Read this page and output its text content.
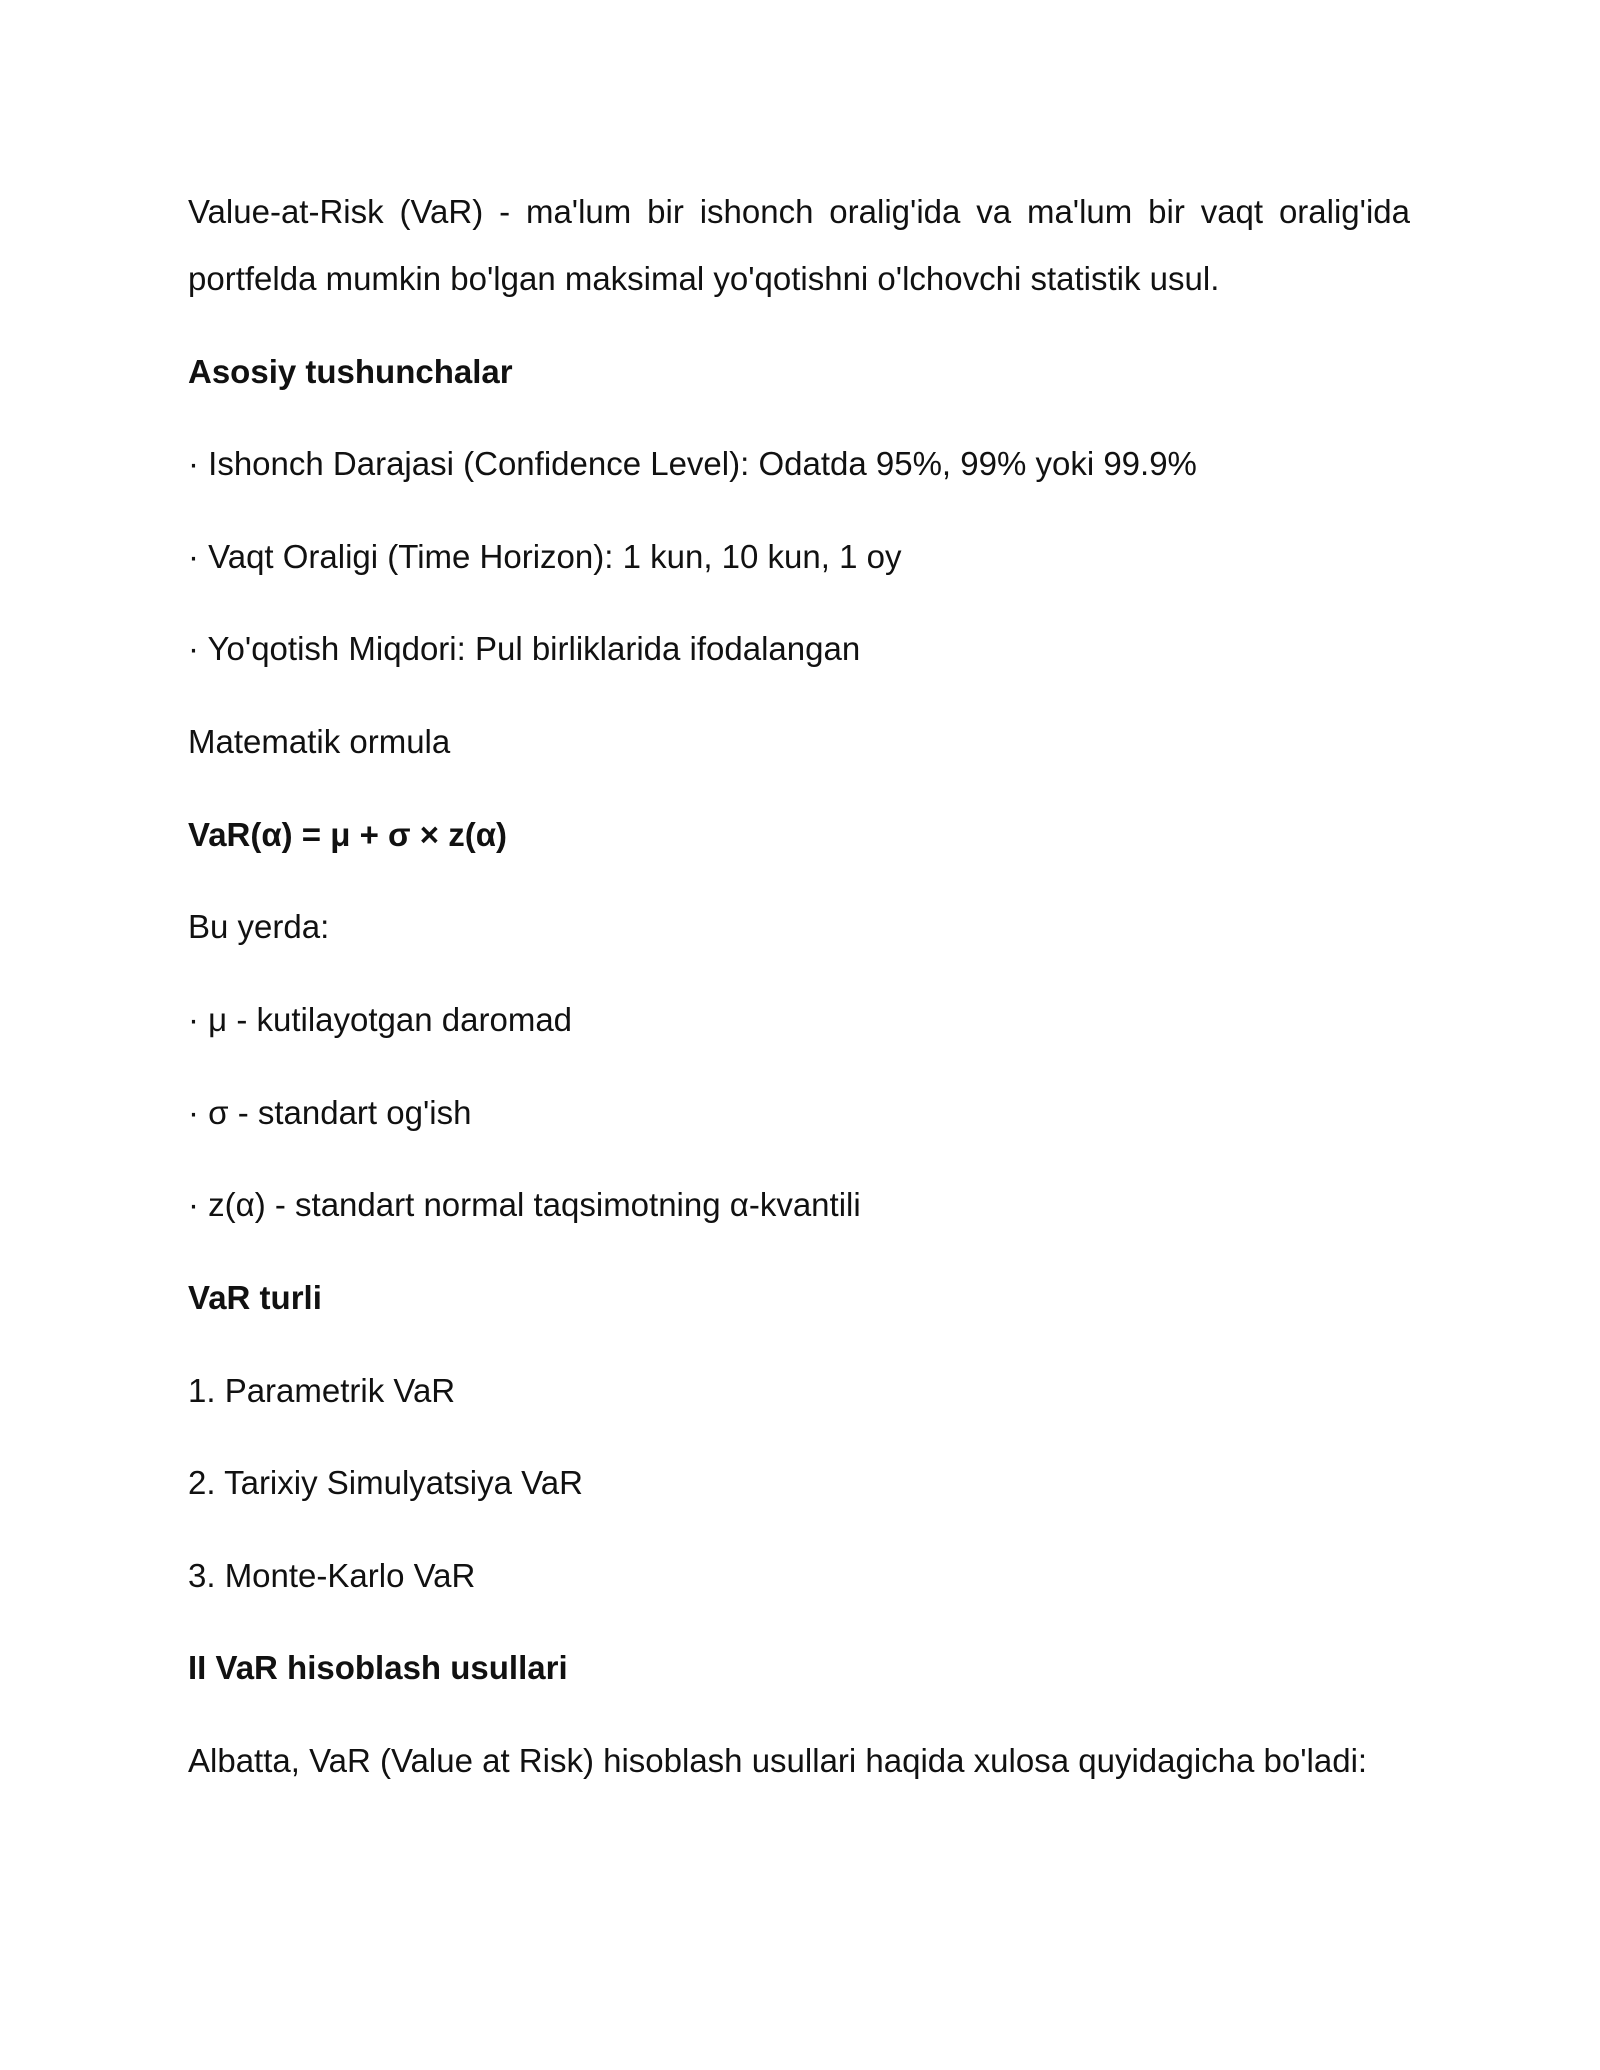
Value-at-Risk (VaR) - ma'lum bir ishonch oralig'ida va ma'lum bir vaqt oralig'ida
portfelda mumkin bo'lgan maksimal yo'qotishni o'lchovchi statistik usul.
Asosiy tushunchalar
· Ishonch Darajasi (Confidence Level): Odatda 95%, 99% yoki 99.9%
· Vaqt Oraligi (Time Horizon): 1 kun, 10 kun, 1 oy
· Yo'qotish Miqdori: Pul birliklarida ifodalangan
Matematik ormula
VaR(α) = μ + σ × z(α)
Bu yerda:
· μ - kutilayotgan daromad
· σ - standart og'ish
· z(α) - standart normal taqsimotning α-kvantili
VaR turli
1. Parametrik VaR
2. Tarixiy Simulyatsiya VaR
3. Monte-Karlo VaR
II VaR hisoblash usullari
Albatta, VaR (Value at Risk) hisoblash usullari haqida xulosa quyidagicha bo'ladi:
